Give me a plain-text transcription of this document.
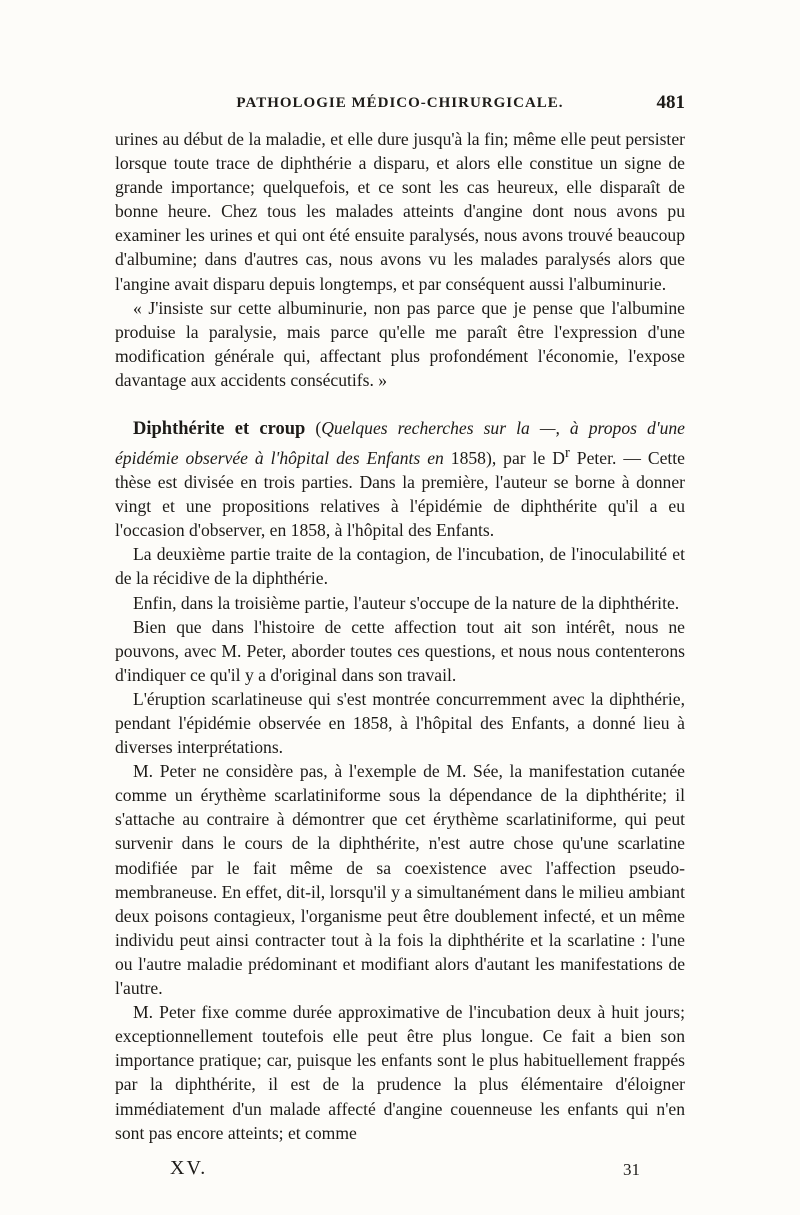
PATHOLOGIE MÉDICO-CHIRURGICALE.	481

urines au début de la maladie, et elle dure jusqu'à la fin; même elle peut persister lorsque toute trace de diphthérie a disparu, et alors elle constitue un signe de grande importance; quelquefois, et ce sont les cas heureux, elle disparaît de bonne heure. Chez tous les malades atteints d'angine dont nous avons pu examiner les urines et qui ont été ensuite paralysés, nous avons trouvé beaucoup d'albumine; dans d'autres cas, nous avons vu les malades paralysés alors que l'angine avait disparu depuis longtemps, et par conséquent aussi l'albuminurie.

« J'insiste sur cette albuminurie, non pas parce que je pense que l'albumine produise la paralysie, mais parce qu'elle me paraît être l'expression d'une modification générale qui, affectant plus profondément l'économie, l'expose davantage aux accidents consécutifs. »

Diphthérite et croup (Quelques recherches sur la —, à propos d'une épidémie observée à l'hôpital des Enfants en 1858), par le $D^r$ Peter. — Cette thèse est divisée en trois parties. Dans la première, l'auteur se borne à donner vingt et une propositions relatives à l'épidémie de diphthérite qu'il a eu l'occasion d'observer, en 1858, à l'hôpital des Enfants.

La deuxième partie traite de la contagion, de l'incubation, de l'inoculabilité et de la récidive de la diphthérie.

Enfin, dans la troisième partie, l'auteur s'occupe de la nature de la diphthérite.

Bien que dans l'histoire de cette affection tout ait son intérêt, nous ne pouvons, avec M. Peter, aborder toutes ces questions, et nous nous contenterons d'indiquer ce qu'il y a d'original dans son travail.

L'éruption scarlatineuse qui s'est montrée concurremment avec la diphthérie, pendant l'épidémie observée en 1858, à l'hôpital des Enfants, a donné lieu à diverses interprétations.

M. Peter ne considère pas, à l'exemple de M. Sée, la manifestation cutanée comme un érythème scarlatiniforme sous la dépendance de la diphthérite; il s'attache au contraire à démontrer que cet érythème scarlatiniforme, qui peut survenir dans le cours de la diphthérite, n'est autre chose qu'une scarlatine modifiée par le fait même de sa coexistence avec l'affection pseudo-membraneuse. En effet, dit-il, lorsqu'il y a simultanément dans le milieu ambiant deux poisons contagieux, l'organisme peut être doublement infecté, et un même individu peut ainsi contracter tout à la fois la diphthérite et la scarlatine : l'une ou l'autre maladie prédominant et modifiant alors d'autant les manifestations de l'autre.

M. Peter fixe comme durée approximative de l'incubation deux à huit jours; exceptionnellement toutefois elle peut être plus longue. Ce fait a bien son importance pratique; car, puisque les enfants sont le plus habituellement frappés par la diphthérite, il est de la prudence la plus élémentaire d'éloigner immédiatement d'un malade affecté d'angine couenneuse les enfants qui n'en sont pas encore atteints; et comme

XV.	31
